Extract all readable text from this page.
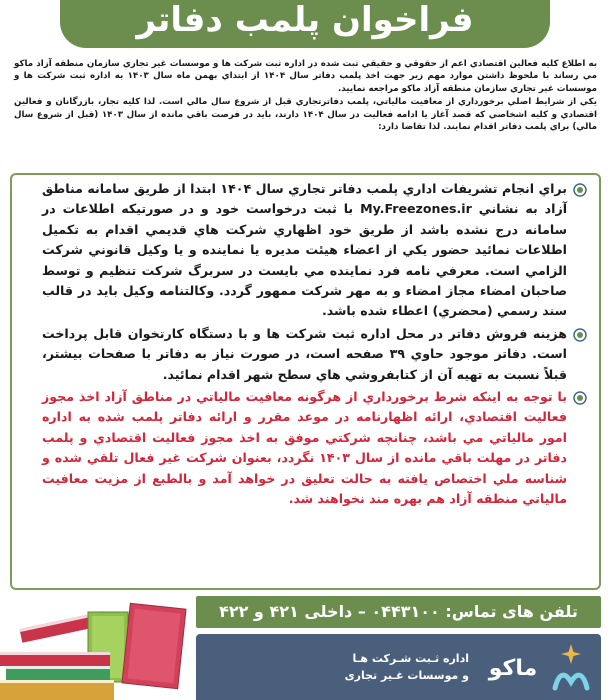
فراخوان پلمب دفاتر

به اطلاع کلیه فعالین اقتصادي اعم از حقوقي و حقيقي ثبت شده در اداره ثبت شرکت ها و موسسات غير تجاري سازمان منطقه آزاد ماکو مي رساند با ملحوظ داشتن موارد مهم زير جهت اخذ پلمب دفاتر سال ۱۴۰۴ از ابتداي بهمن ماه سال ۱۴۰۳ به اداره ثبت شرکت ها و موسسات غير تجاري سازمان منطقه آزاد ماکو مراجعه نمايید.

يکي از شرايط اصلي برخورداري از معافيت مالياتي، پلمب دفاترتجاري قبل از شروع سال مالي است. لذا کليه تجار، بازرگانان و فعالين اقتصادي و کليه اشخاصي که قصد آغاز يا ادامه فعاليت در سال ۱۴۰۴ دارند، بايد در فرصت باقي مانده از سال ۱۴۰۳ (قبل از شروع سال مالي) براي پلمب دفاتر اقدام نمايند. لذا تقاضا دارد:

براي انجام تشريفات اداري پلمب دفاتر تجاري سال ۱۴۰۴ ابتدا از طريق سامانه مناطق آزاد به نشاني My.Freezones.ir با ثبت درخواست خود و در صورتيکه اطلاعات در سامانه درج نشده باشد از طريق خود اظهاري شرکت هاي قديمي اقدام به تکميل اطلاعات نمائيد حضور يکي از اعضاء هيئت مديره يا نماينده و يا وکيل قانوني شرکت الزامي است. معرفي نامه فرد نماينده مي بايست در سربرگ شرکت تنظيم و توسط صاحبان امضاء مجاز امضاء و به مهر شرکت ممهور گردد. وکالتنامه وکيل بايد در قالب سند رسمي (محضري) اعطاء شده باشد.
هزينه فروش دفاتر در محل اداره ثبت شرکت ها و با دستگاه کارتخوان قابل پرداخت است. دفاتر موجود حاوي ۳۹ صفحه است، در صورت نياز به دفاتر با صفحات بيشتر، قبلاً نسبت به تهيه آن از کتابفروشي هاي سطح شهر اقدام نمائيد.
با توجه به اينکه شرط برخورداري از هرگونه معافيت مالياتي در مناطق آزاد اخذ مجوز فعاليت اقتصادي، ارائه اظهارنامه در موعد مقرر و ارائه دفاتر پلمب شده به اداره امور مالياتي مي باشد، چنانچه شرکتي موفق به اخذ مجوز فعاليت اقتصادي و پلمب دفاتر در مهلت باقي مانده از سال ۱۴۰۳ نگردد، بعنوان شرکت غير فعال تلقي شده و شناسه ملي اختصاص يافته به حالت تعليق در خواهد آمد و بالطبع از مزيت معافيت مالياتي منطقه آزاد هم بهره مند نخواهند شد.
تلفن های تماس: ۰۴۴۳۱۰۰ – داخلی ۴۲۱ و ۴۲۲
اداره ثـبت شـرکت هـا
و موسسات غـیر تجاری ماکو
